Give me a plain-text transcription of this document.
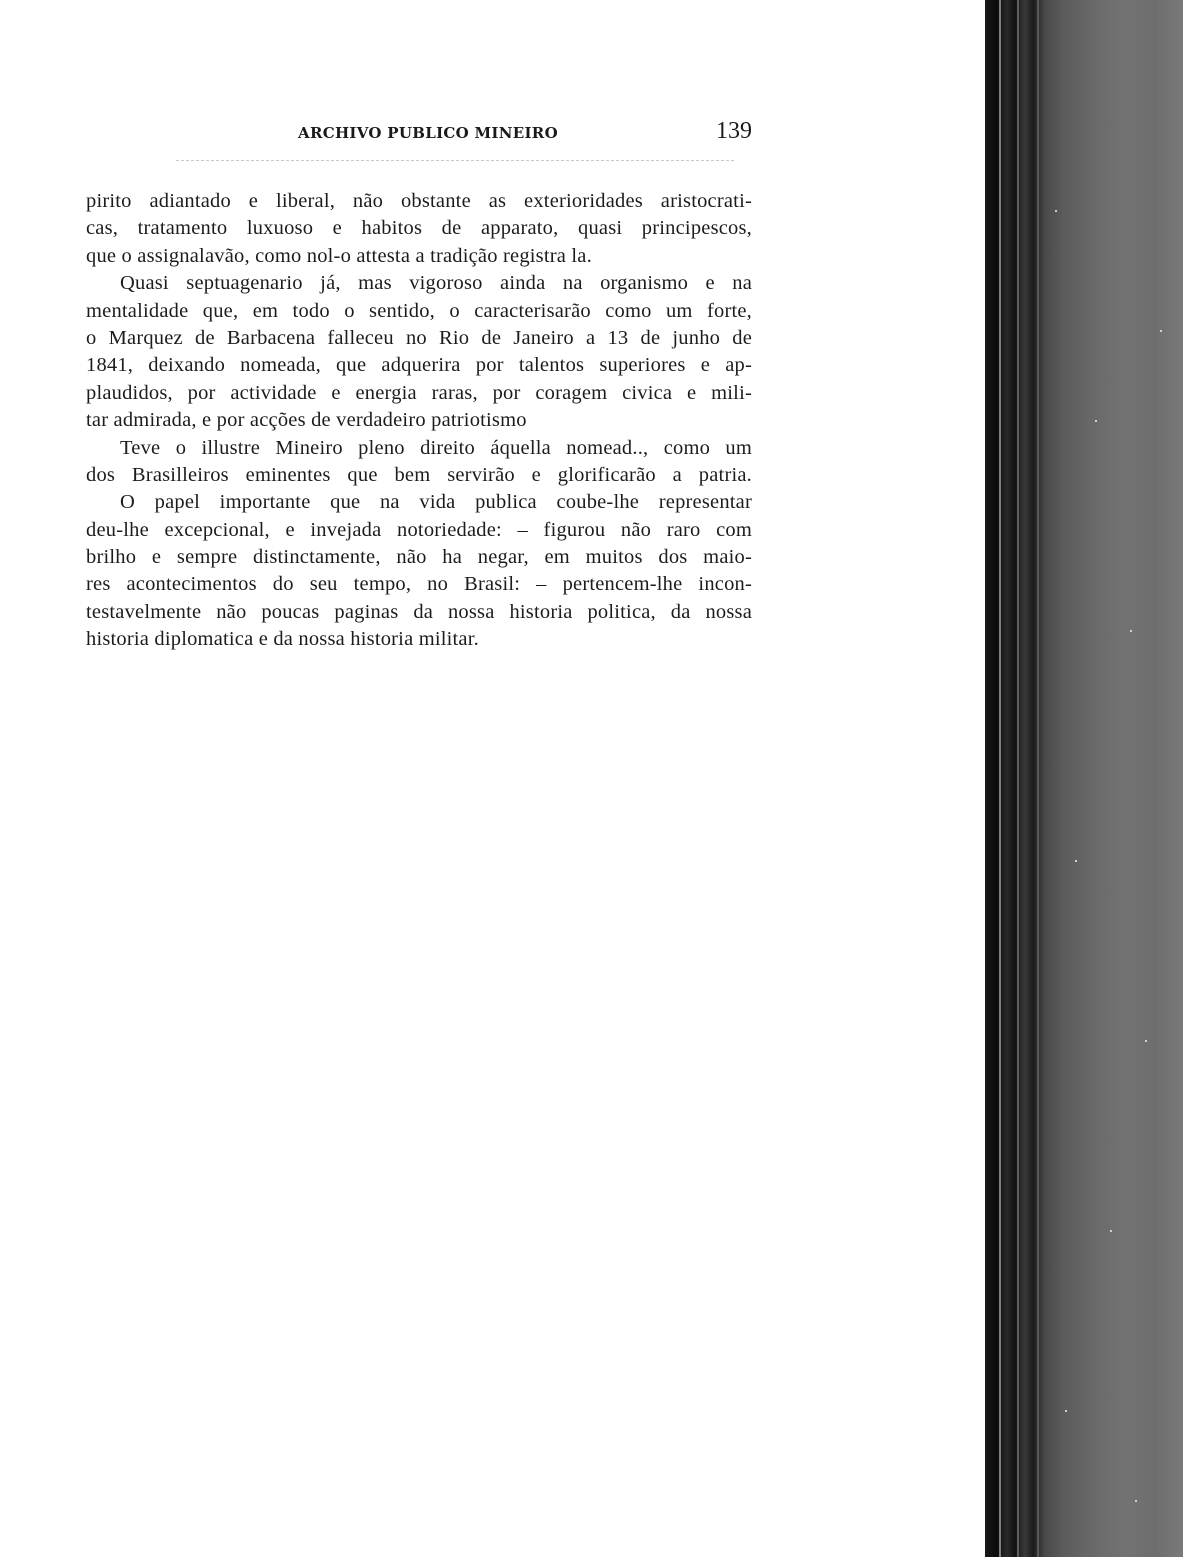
ARCHIVO PUBLICO MINEIRO	139
pirito adiantado e liberal, não obstante as exterioridades aristocrati-
cas, tratamento luxuoso e habitos de apparato, quasi principescos,
que o assignalavão, como nol-o attesta a tradição registra la.
Quasi septuagenario já, mas vigoroso ainda na organismo e na
mentalidade que, em todo o sentido, o caracterisarão como um forte,
o Marquez de Barbacena falleceu no Rio de Janeiro a 13 de junho de
1841, deixando nomeada, que adquerira por talentos superiores e ap-
plaudidos, por actividade e energia raras, por coragem civica e mili-
tar admirada, e por acções de verdadeiro patriotismo
Teve o illustre Mineiro pleno direito áquella nomead.., como um
dos Brasilleiros eminentes que bem servirão e glorificarão a patria.
O papel importante que na vida publica coube-lhe representar
deu-lhe excepcional, e invejada notoriedade: – figurou não raro com
brilho e sempre distinctamente, não ha negar, em muitos dos maio-
res acontecimentos do seu tempo, no Brasil: – pertencem-lhe incon-
testavelmente não poucas paginas da nossa historia politica, da nossa
historia diplomatica e da nossa historia militar.
